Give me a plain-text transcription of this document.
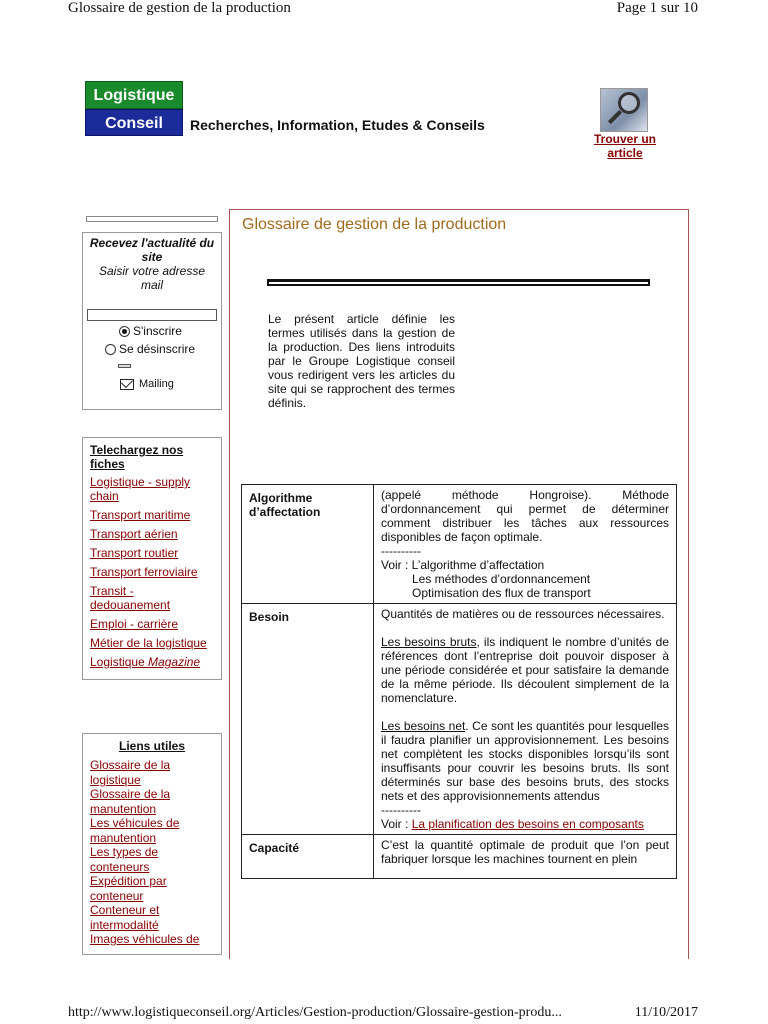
Glossaire de gestion de la production	Page 1 sur 10
Logistique
Conseil	Recherches, Information, Etudes & Conseils
Trouver un article
Recevez l'actualité du site
Saisir votre adresse mail
S'inscrire
Se désinscrire
Mailing
Telechargez nos fiches
Logistique - supply chain
Transport maritime
Transport aérien
Transport routier
Transport ferroviaire
Transit - dedouanement
Emploi - carrière
Métier de la logistique
Logistique Magazine
Liens utiles
Glossaire de la logistique
Glossaire de la manutention
Les véhicules de manutention
Les types de conteneurs
Expédition par conteneur
Conteneur et intermodalité
Images véhicules de
Glossaire de gestion de la production
Le présent article définie les termes utilisés dans la gestion de la production. Des liens introduits par le Groupe Logistique conseil vous redirigent vers les articles du site qui se rapprochent des termes définis.
Algorithme d’affectation	(appelé méthode Hongroise). Méthode d’ordonnancement qui permet de déterminer comment distribuer les tâches aux ressources disponibles de façon optimale.
----------
Voir : L’algorithme d’affectation
Les méthodes d’ordonnancement
Optimisation des flux de transport

Besoin	Quantités de matières ou de ressources nécessaires.

Les besoins bruts, ils indiquent le nombre d’unités de références dont l’entreprise doit pouvoir disposer à une période considérée et pour satisfaire la demande de la même période. Ils découlent simplement de la nomenclature.

Les besoins net. Ce sont les quantités pour lesquelles il faudra planifier un approvisionnement. Les besoins net complètent les stocks disponibles lorsqu’ils sont insuffisants pour couvrir les besoins bruts. Ils sont déterminés sur base des besoins bruts, des stocks nets et des approvisionnements attendus
----------
Voir : La planification des besoins en composants

Capacité	C’est la quantité optimale de produit que l’on peut fabriquer lorsque les machines tournent en plein
http://www.logistiqueconseil.org/Articles/Gestion-production/Glossaire-gestion-produ...	11/10/2017
